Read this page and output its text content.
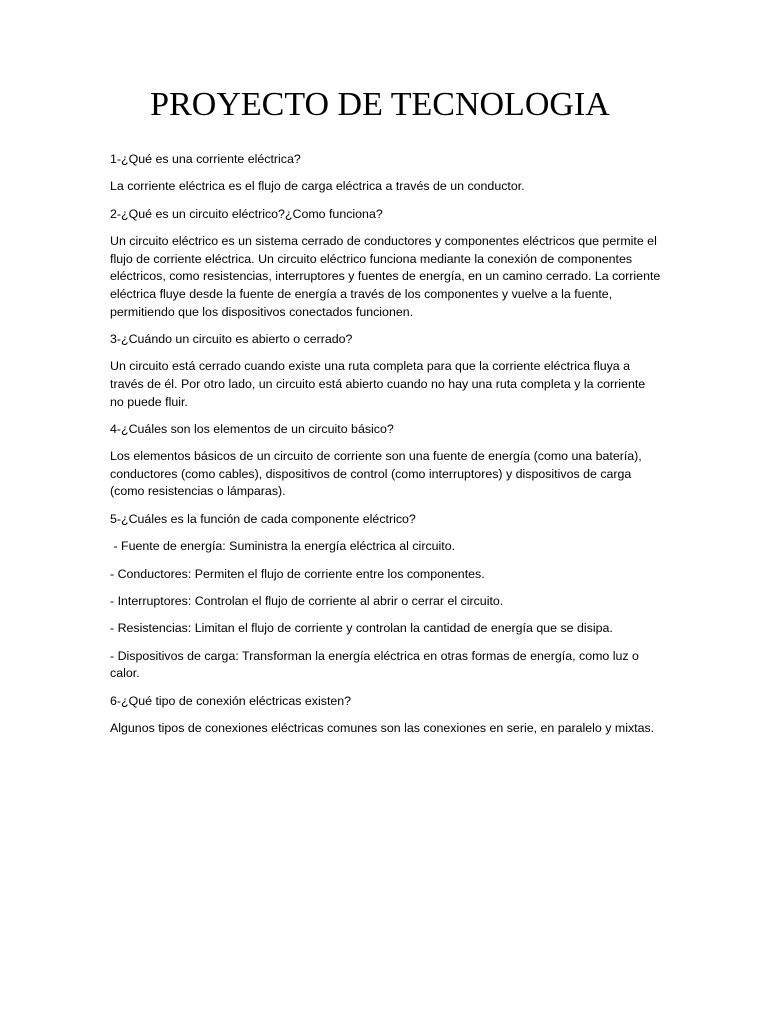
PROYECTO DE TECNOLOGIA

1-¿Qué es una corriente eléctrica?

La corriente eléctrica es el flujo de carga eléctrica a través de un conductor.

2-¿Qué es un circuito eléctrico?¿Como funciona?

Un circuito eléctrico es un sistema cerrado de conductores y componentes eléctricos que permite el flujo de corriente eléctrica. Un circuito eléctrico funciona mediante la conexión de componentes eléctricos, como resistencias, interruptores y fuentes de energía, en un camino cerrado. La corriente eléctrica fluye desde la fuente de energía a través de los componentes y vuelve a la fuente, permitiendo que los dispositivos conectados funcionen.

3-¿Cuándo un circuito es abierto o cerrado?

Un circuito está cerrado cuando existe una ruta completa para que la corriente eléctrica fluya a través de él. Por otro lado, un circuito está abierto cuando no hay una ruta completa y la corriente no puede fluir.

4-¿Cuáles son los elementos de un circuito básico?

Los elementos básicos de un circuito de corriente son una fuente de energía (como una batería), conductores (como cables), dispositivos de control (como interruptores) y dispositivos de carga (como resistencias o lámparas).

5-¿Cuáles es la función de cada componente eléctrico?

- Fuente de energía: Suministra la energía eléctrica al circuito.

- Conductores: Permiten el flujo de corriente entre los componentes.

- Interruptores: Controlan el flujo de corriente al abrir o cerrar el circuito.

- Resistencias: Limitan el flujo de corriente y controlan la cantidad de energía que se disipa.

- Dispositivos de carga: Transforman la energía eléctrica en otras formas de energía, como luz o calor.

6-¿Qué tipo de conexión eléctricas existen?

Algunos tipos de conexiones eléctricas comunes son las conexiones en serie, en paralelo y mixtas.
